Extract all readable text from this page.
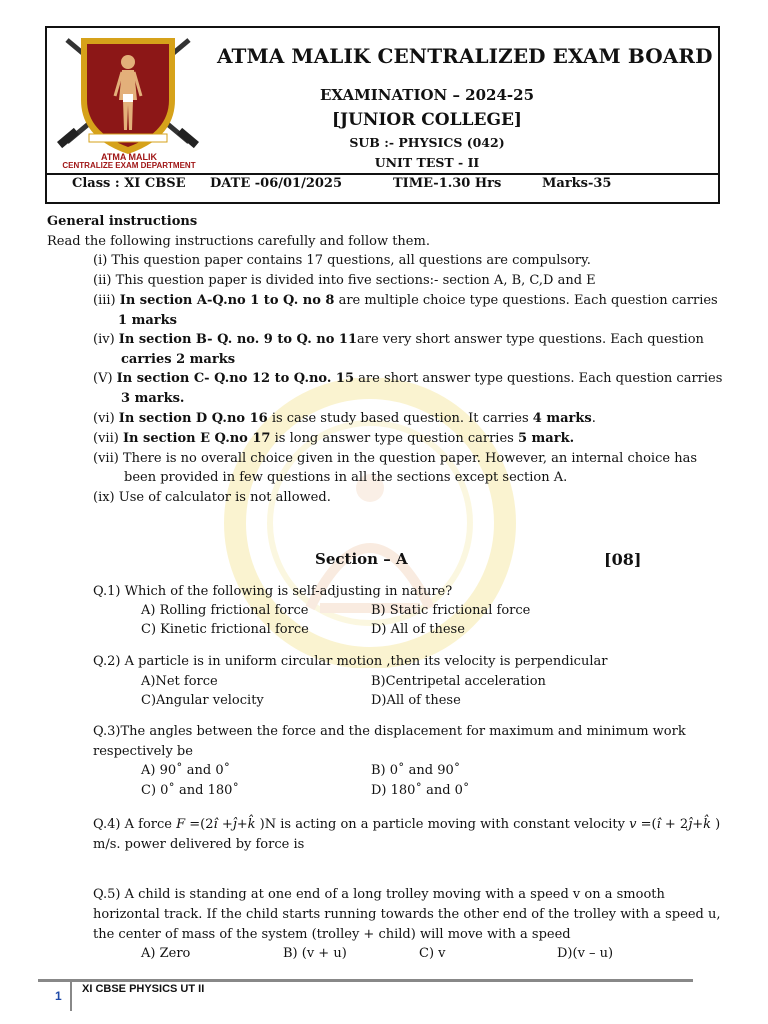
ATMA MALIK
CENTRALIZE EXAM DEPARTMENT
ATMA MALIK CENTRALIZED EXAM BOARD
EXAMINATION – 2024-25
[JUNIOR COLLEGE]
SUB :- PHYSICS (042)
UNIT TEST - II
Class : XI CBSE DATE -06/01/2025	TIME-1.30 Hrs	Marks-35
General instructions
Read the following instructions carefully and follow them.
(i) This question paper contains 17 questions, all questions are compulsory.
(ii) This question paper is divided into five sections:- section A, B, C,D and E
(iii) In section A-Q.no 1 to Q. no 8 are multiple choice type questions. Each question carries
1 marks
(iv) In section B- Q. no. 9 to Q. no 11are very short answer type questions. Each question
carries 2 marks
(V) In section C- Q.no 12 to Q.no. 15 are short answer type questions. Each question carries
3 marks.
(vi) In section D Q.no 16 is case study based question. It carries 4 marks.
(vii) In section E Q.no 17 is long answer type question carries 5 mark.
(vii) There is no overall choice given in the question paper. However, an internal choice has
been provided in few questions in all the sections except section A.
(ix) Use of calculator is not allowed.
Section – A	[08]
Q.1) Which of the following is self-adjusting in nature?
A) Rolling frictional force	B) Static frictional force
C) Kinetic frictional force	D) All of these
Q.2) A particle is in uniform circular motion ,then its velocity is perpendicular
A)Net force	B)Centripetal acceleration
C)Angular velocity	D)All of these
Q.3)The angles between the force and the displacement for maximum and minimum work
respectively be
A) 90˚ and 0˚	B) 0˚ and 90˚
C) 0˚ and 180˚	D) 180˚ and 0˚
Q.4) A force F =(2î +ĵ+k̂ )N is acting on a particle moving with constant velocity v =(î + 2ĵ+k̂ )
m/s. power delivered by force is
Q.5) A child is standing at one end of a long trolley moving with a speed v on a smooth
horizontal track. If the child starts running towards the other end of the trolley with a speed u,
the center of mass of the system (trolley + child) will move with a speed
A) Zero	B) (v + u)	C) v	D)(v – u)
1 XI CBSE PHYSICS UT II
